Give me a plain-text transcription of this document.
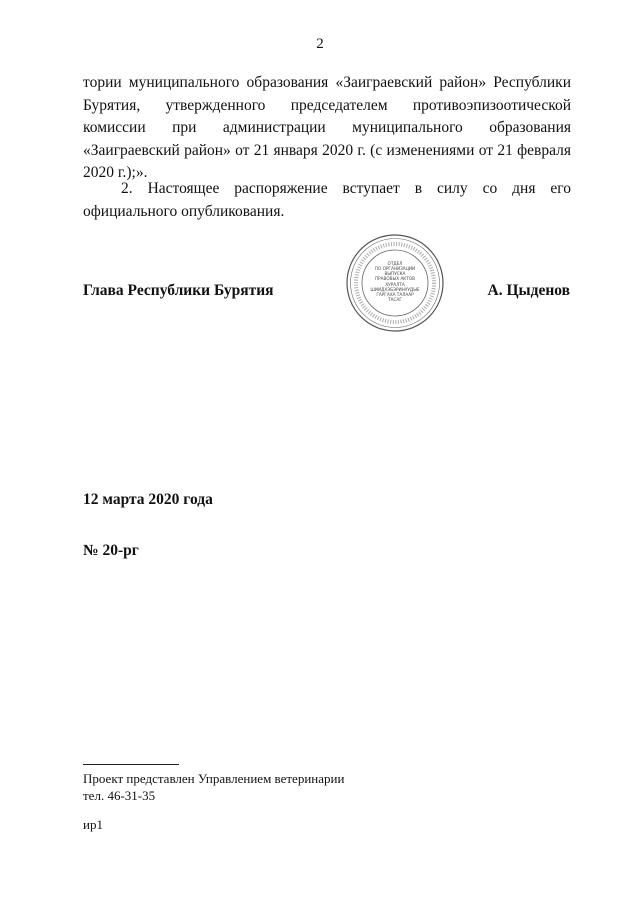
2
тории муниципального образования «Заиграевский район» Республики Бурятия, утвержденного председателем противоэпизоотической комиссии при администрации муниципального образования «Заиграевский район» от 21 января 2020 г. (с изменениями от 21 февраля 2020 г.);».
2. Настоящее распоряжение вступает в силу со дня его официального опубликования.
Глава Республики Бурятия
ОТДЕЛ
ПО ОРГАНИЗАЦИИ
ВЫПУСКА
ПРАВОВЫХ АКТОВ
ХУРАЛТА
ШИИДХЭБЭРИНУУДЫЕ
ГАРГАХА ТАЛААР
ТАСАГ
А. Цыденов
12 марта 2020 года
№ 20-рг
Проект представлен Управлением ветеринарии
тел. 46-31-35
ир1
